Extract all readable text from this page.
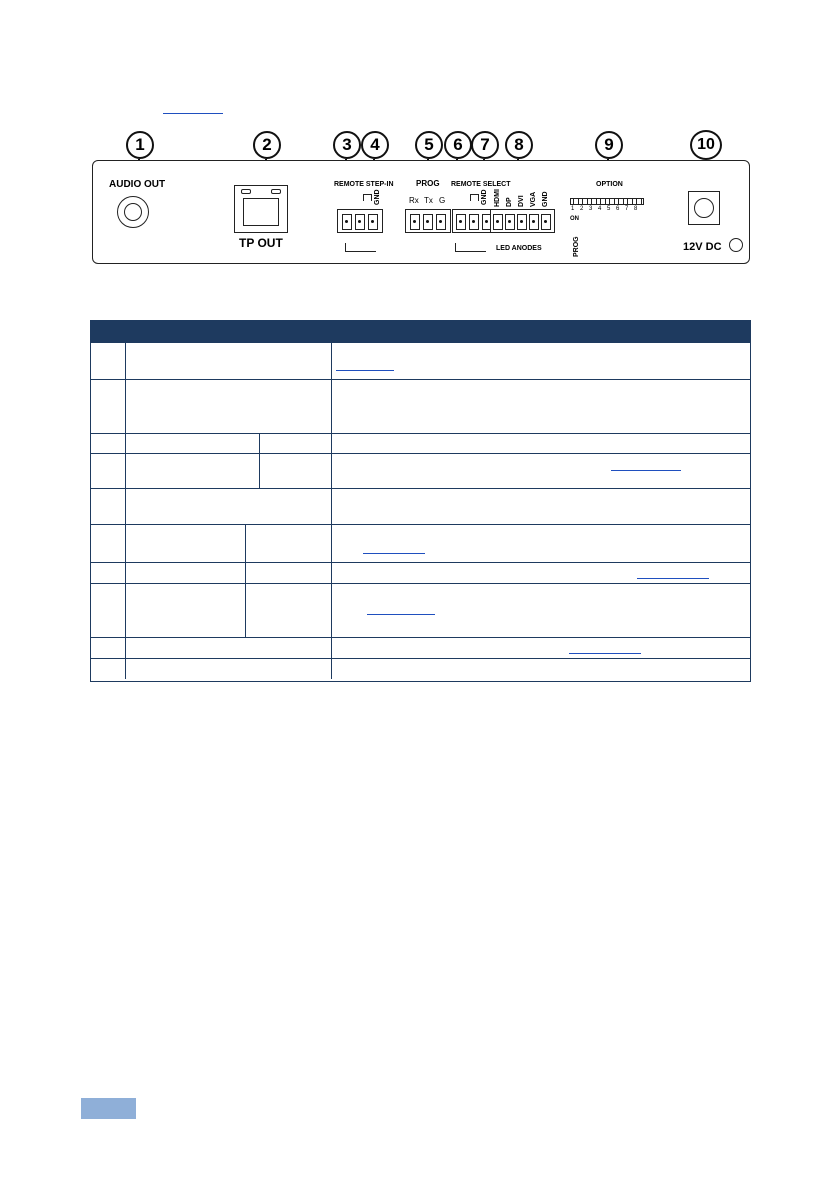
1	2	3	4	5	6	7	8	9	10
AUDIO OUT
TP OUT
REMOTE STEP-IN
GND
PROG
Rx Tx G
REMOTE SELECT
GND HDMI DP DVI VGA GND
LED ANODES
OPTION
1 2 3 4 5 6 7 8
ON
PROG	12V DC
